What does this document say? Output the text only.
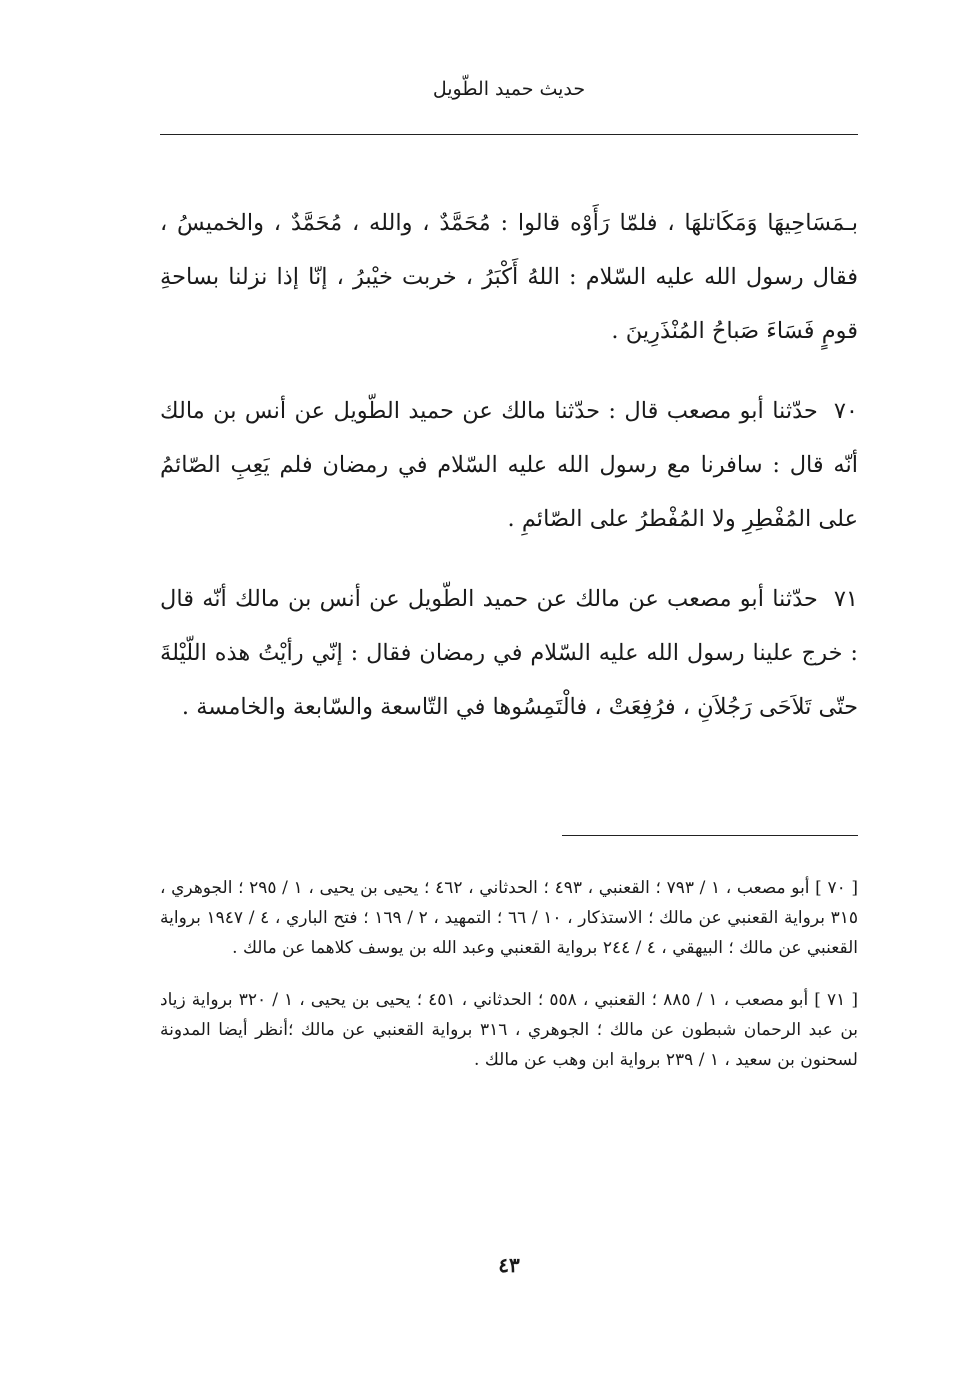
حديث حميد الطّويل

بـمَسَاحِيهَا وَمَكَاتلهَا ، فلمّا رَأَوْه قالوا : مُحَمَّدٌ ، والله ، مُحَمَّدٌ ، والخميسُ ، فقال رسول الله عليه السّلام : اللهُ أَكْبَرُ ، خربت خيْبرُ ، إنّا إذا نزلنا بساحةِ قومٍ فَسَاءَ صَباحُ المُنْذَرِينَ .

٧٠حدّثنا أبو مصعب قال : حدّثنا مالك عن حميد الطّويل عن أنس بن مالك أنّه قال : سافرنا مع رسول الله عليه السّلام في رمضان فلم يَعِبِ الصّائمُ على المُفْطِرِ ولا المُفْطرُ على الصّائمِ .

٧١حدّثنا أبو مصعب عن مالك عن حميد الطّويل عن أنس بن مالك أنّه قال : خرج علينا رسول الله عليه السّلام في رمضان فقال : إنّي رأيْتُ هذه اللّيْلةَ حتّى تَلاَحَى رَجُلاَنِ ، فرُفِعَتْ ، فالْتَمِسُوها في التّاسعة والسّابعة والخامسة .

[ ٧٠ ] أبو مصعب ، ١ / ٧٩٣ ؛ القعنبي ، ٤٩٣ ؛ الحدثاني ، ٤٦٢ ؛ يحيى بن يحيى ، ١ / ٢٩٥ ؛ الجوهري ، ٣١٥ برواية القعنبي عن مالك ؛ الاستذكار ، ١٠ / ٦٦ ؛ التمهيد ، ٢ / ١٦٩ ؛ فتح الباري ، ٤ / ١٩٤٧ برواية القعنبي عن مالك ؛ البيهقي ، ٤ / ٢٤٤ برواية القعنبي وعبد الله بن يوسف كلاهما عن مالك .

[ ٧١ ] أبو مصعب ، ١ / ٨٨٥ ؛ القعنبي ، ٥٥٨ ؛ الحدثاني ، ٤٥١ ؛ يحيى بن يحيى ، ١ / ٣٢٠ برواية زياد بن عبد الرحمان شبطون عن مالك ؛ الجوهري ، ٣١٦ برواية القعنبي عن مالك ؛أنظر أيضا المدونة لسحنون بن سعيد ، ١ / ٢٣٩ برواية ابن وهب عن مالك .

٤٣
